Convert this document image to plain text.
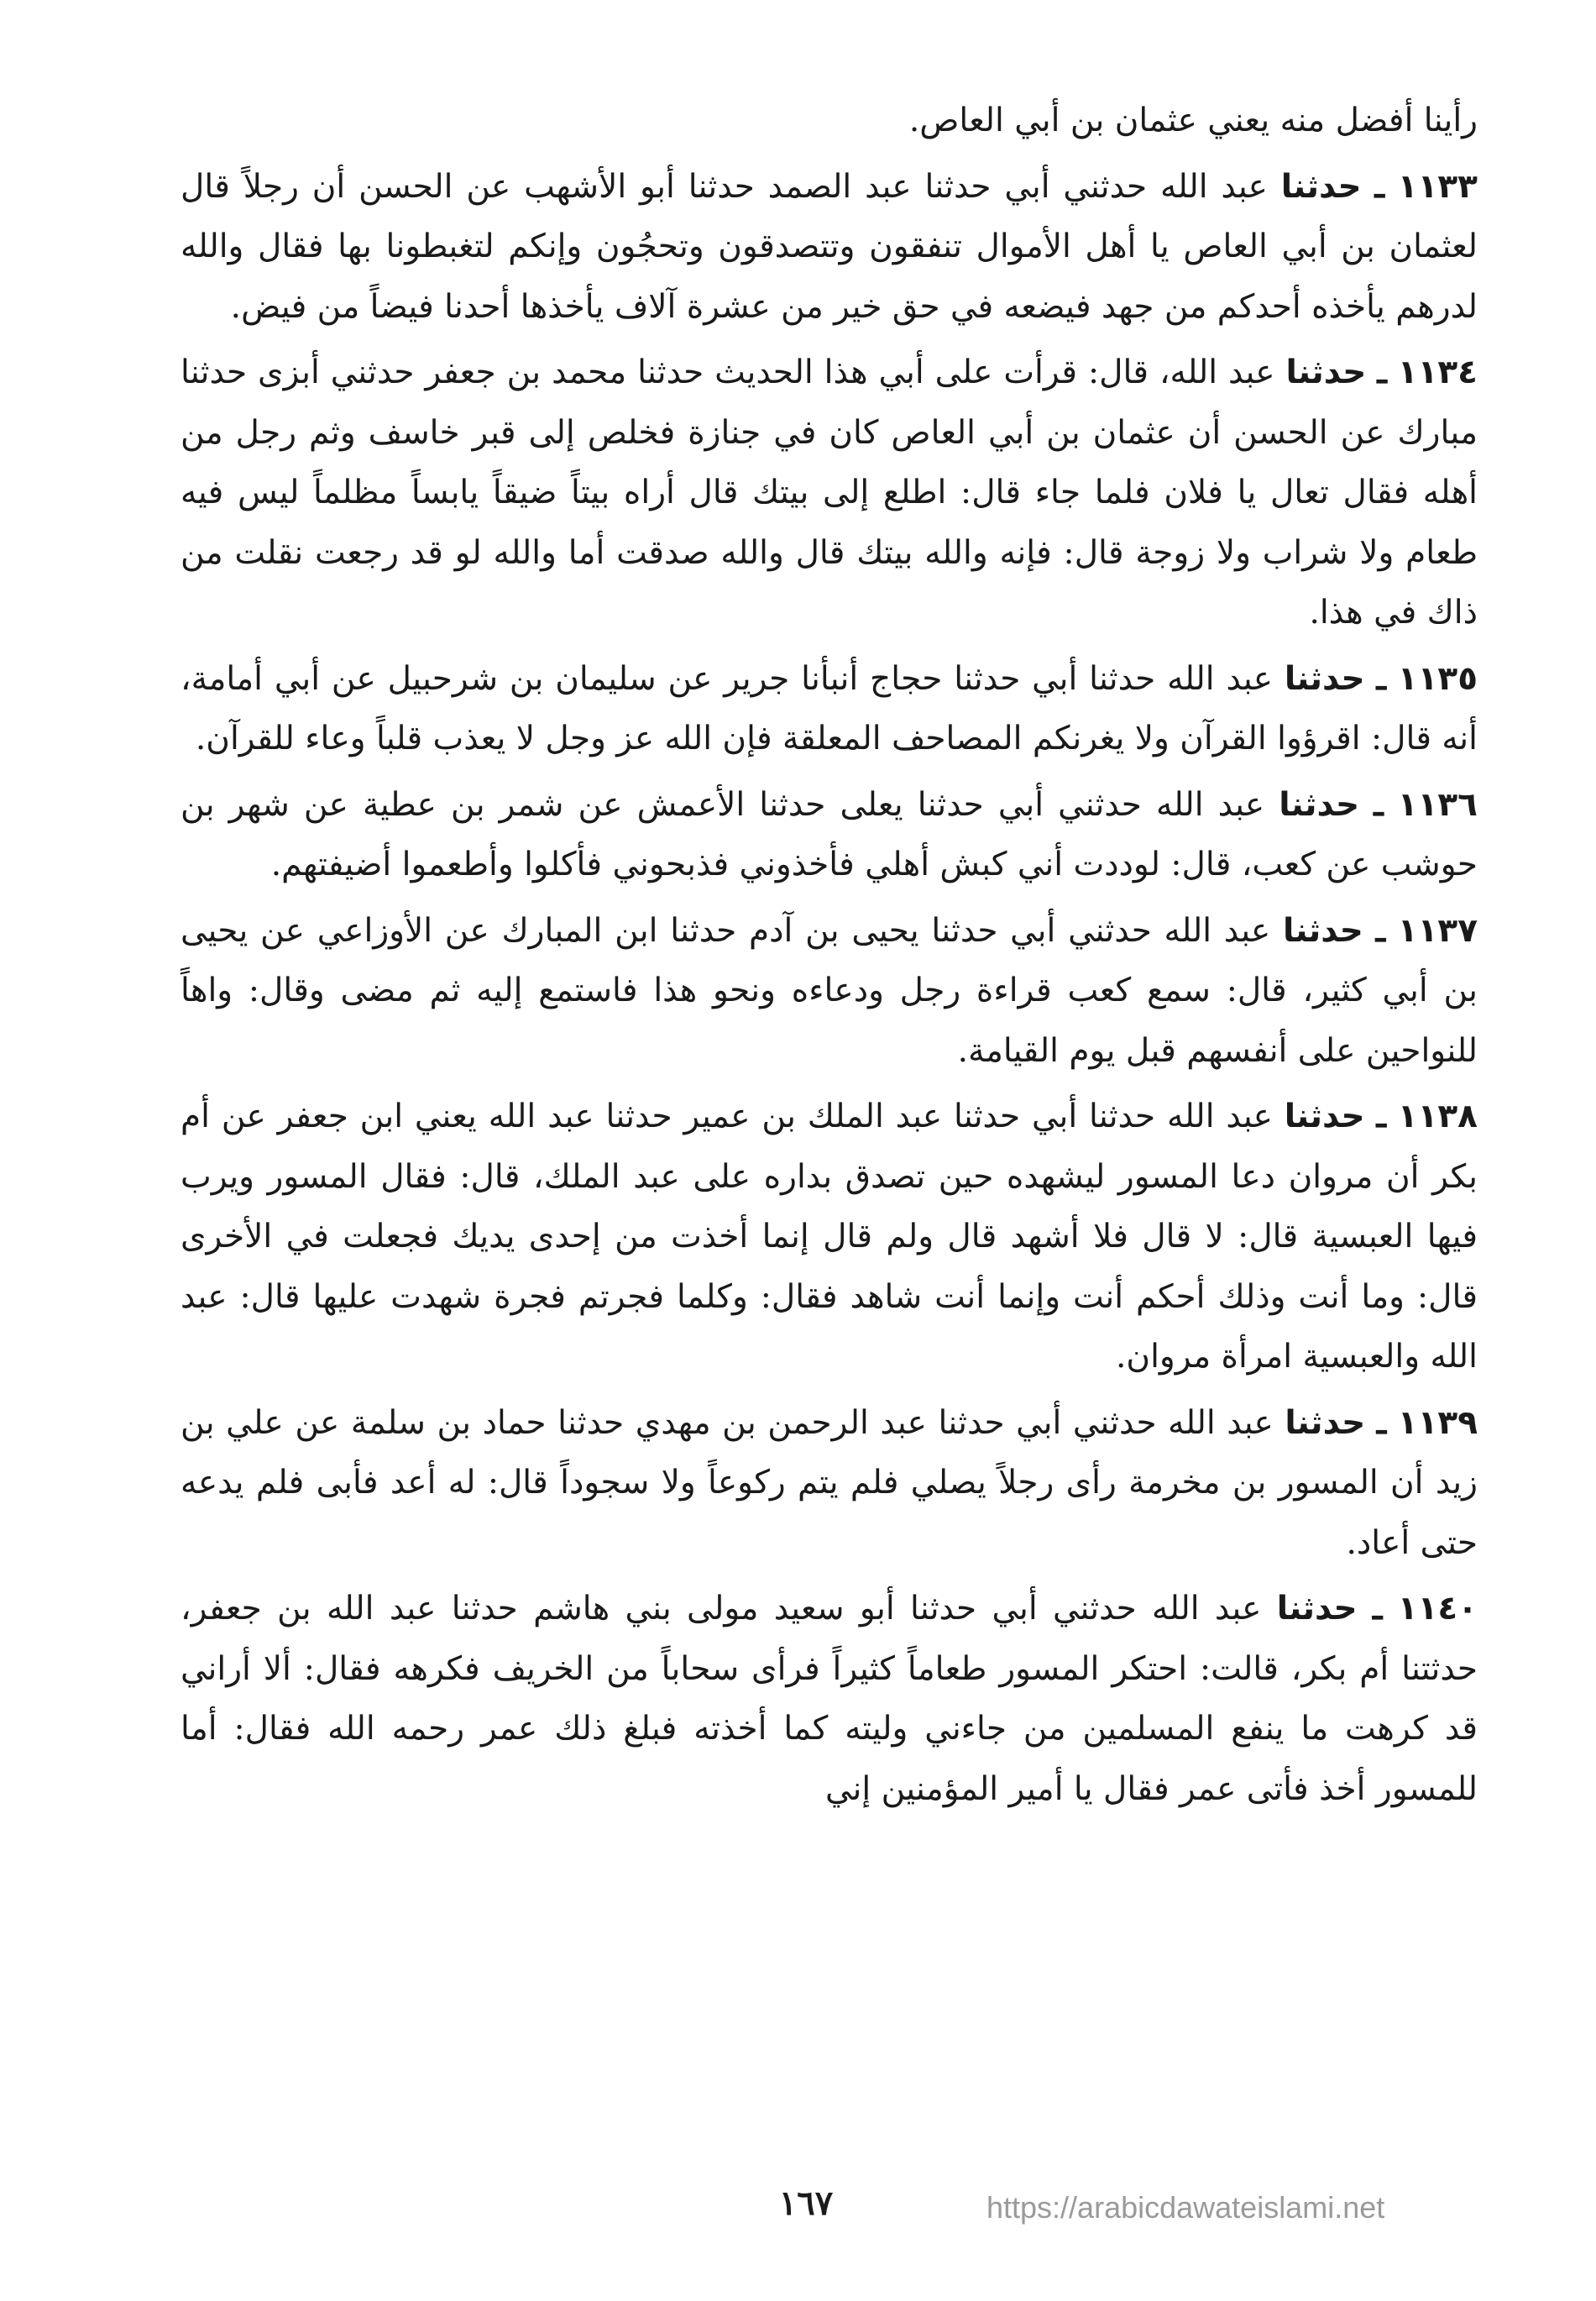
رأينا أفضل منه يعني عثمان بن أبي العاص.

١١٣٣ ـ حدثنا عبد الله حدثني أبي حدثنا عبد الصمد حدثنا أبو الأشهب عن الحسن أن رجلاً قال لعثمان بن أبي العاص يا أهل الأموال تنفقون وتتصدقون وتحجُون وإنكم لتغبطونا بها فقال والله لدرهم يأخذه أحدكم من جهد فيضعه في حق خير من عشرة آلاف يأخذها أحدنا فيضاً من فيض.

١١٣٤ ـ حدثنا عبد الله، قال: قرأت على أبي هذا الحديث حدثنا محمد بن جعفر حدثني أبزى حدثنا مبارك عن الحسن أن عثمان بن أبي العاص كان في جنازة فخلص إلى قبر خاسف وثم رجل من أهله فقال تعال يا فلان فلما جاء قال: اطلع إلى بيتك قال أراه بيتاً ضيقاً يابساً مظلماً ليس فيه طعام ولا شراب ولا زوجة قال: فإنه والله بيتك قال والله صدقت أما والله لو قد رجعت نقلت من ذاك في هذا.

١١٣٥ ـ حدثنا عبد الله حدثنا أبي حدثنا حجاج أنبأنا جرير عن سليمان بن شرحبيل عن أبي أمامة، أنه قال: اقرؤوا القرآن ولا يغرنكم المصاحف المعلقة فإن الله عز وجل لا يعذب قلباً وعاء للقرآن.

١١٣٦ ـ حدثنا عبد الله حدثني أبي حدثنا يعلى حدثنا الأعمش عن شمر بن عطية عن شهر بن حوشب عن كعب، قال: لوددت أني كبش أهلي فأخذوني فذبحوني فأكلوا وأطعموا أضيفتهم.

١١٣٧ ـ حدثنا عبد الله حدثني أبي حدثنا يحيى بن آدم حدثنا ابن المبارك عن الأوزاعي عن يحيى بن أبي كثير، قال: سمع كعب قراءة رجل ودعاءه ونحو هذا فاستمع إليه ثم مضى وقال: واهاً للنواحين على أنفسهم قبل يوم القيامة.

١١٣٨ ـ حدثنا عبد الله حدثنا أبي حدثنا عبد الملك بن عمير حدثنا عبد الله يعني ابن جعفر عن أم بكر أن مروان دعا المسور ليشهده حين تصدق بداره على عبد الملك، قال: فقال المسور ويرب فيها العبسية قال: لا قال فلا أشهد قال ولم قال إنما أخذت من إحدى يديك فجعلت في الأخرى قال: وما أنت وذلك أحكم أنت وإنما أنت شاهد فقال: وكلما فجرتم فجرة شهدت عليها قال: عبد الله والعبسية امرأة مروان.

١١٣٩ ـ حدثنا عبد الله حدثني أبي حدثنا عبد الرحمن بن مهدي حدثنا حماد بن سلمة عن علي بن زيد أن المسور بن مخرمة رأى رجلاً يصلي فلم يتم ركوعاً ولا سجوداً قال: له أعد فأبى فلم يدعه حتى أعاد.

١١٤٠ ـ حدثنا عبد الله حدثني أبي حدثنا أبو سعيد مولى بني هاشم حدثنا عبد الله بن جعفر، حدثتنا أم بكر، قالت: احتكر المسور طعاماً كثيراً فرأى سحاباً من الخريف فكرهه فقال: ألا أراني قد كرهت ما ينفع المسلمين من جاءني وليته كما أخذته فبلغ ذلك عمر رحمه الله فقال: أما للمسور أخذ فأتى عمر فقال يا أمير المؤمنين إني

١٦٧	https://arabicdawateislami.net
